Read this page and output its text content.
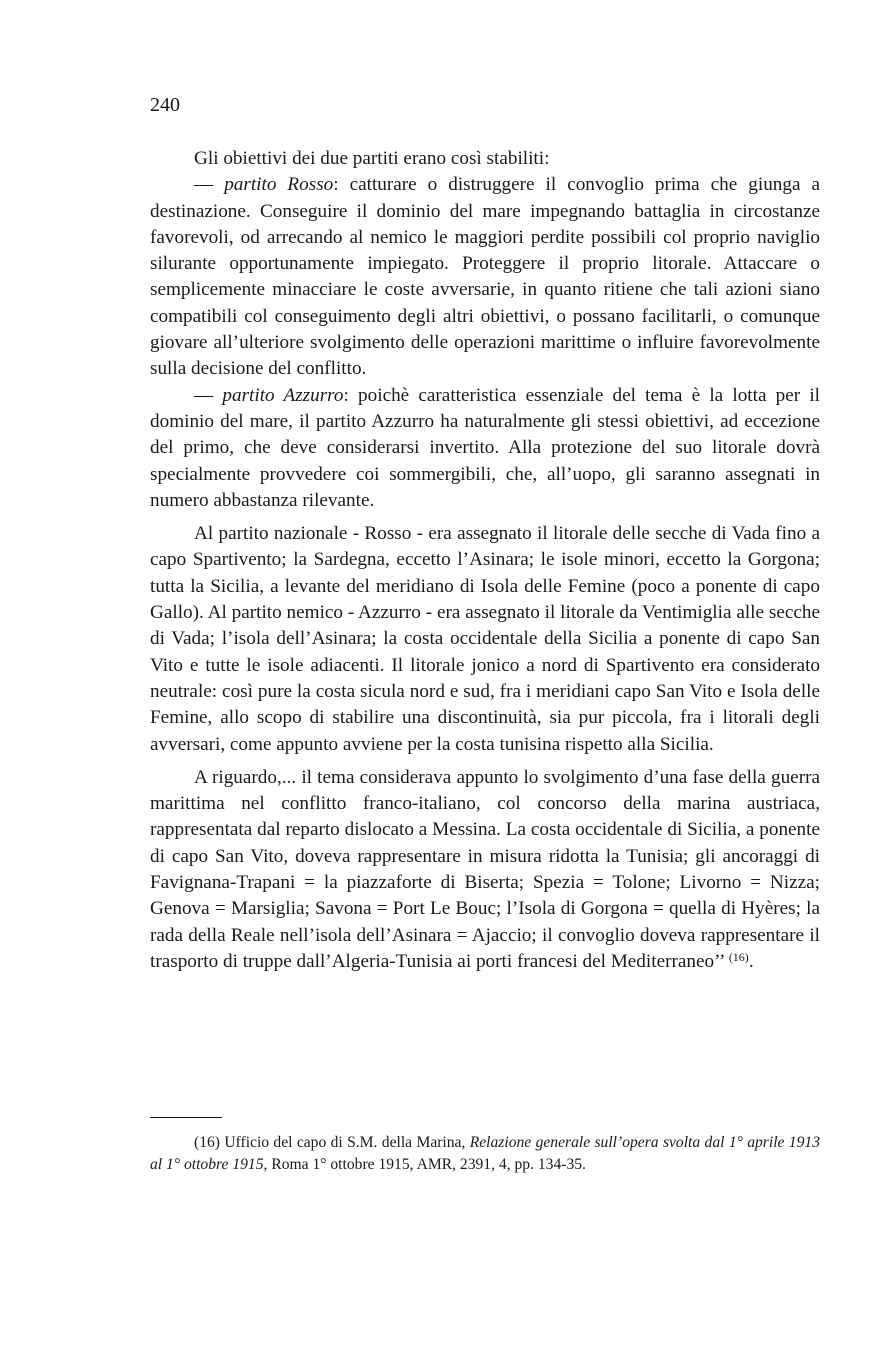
240

Gli obiettivi dei due partiti erano così stabiliti:

— partito Rosso: catturare o distruggere il convoglio prima che giunga a destinazione. Conseguire il dominio del mare impegnando battaglia in circostanze favorevoli, od arrecando al nemico le maggiori perdite possibili col proprio naviglio silurante opportunamente impiegato. Proteggere il proprio litorale. Attaccare o semplicemente minacciare le coste avversarie, in quanto ritiene che tali azioni siano compatibili col conseguimento degli altri obiettivi, o possano facilitarli, o comunque giovare all’ulteriore svolgimento delle operazioni marittime o influire favorevolmente sulla decisione del conflitto.

— partito Azzurro: poichè caratteristica essenziale del tema è la lotta per il dominio del mare, il partito Azzurro ha naturalmente gli stessi obiettivi, ad eccezione del primo, che deve considerarsi invertito. Alla protezione del suo litorale dovrà specialmente provvedere coi sommergibili, che, all’uopo, gli saranno assegnati in numero abbastanza rilevante.

Al partito nazionale - Rosso - era assegnato il litorale delle secche di Vada fino a capo Spartivento; la Sardegna, eccetto l’Asinara; le isole minori, eccetto la Gorgona; tutta la Sicilia, a levante del meridiano di Isola delle Femine (poco a ponente di capo Gallo). Al partito nemico - Azzurro - era assegnato il litorale da Ventimiglia alle secche di Vada; l’isola dell’Asinara; la costa occidentale della Sicilia a ponente di capo San Vito e tutte le isole adiacenti. Il litorale jonico a nord di Spartivento era considerato neutrale: così pure la costa sicula nord e sud, fra i meridiani capo San Vito e Isola delle Femine, allo scopo di stabilire una discontinuità, sia pur piccola, fra i litorali degli avversari, come appunto avviene per la costa tunisina rispetto alla Sicilia.

A riguardo,... il tema considerava appunto lo svolgimento d’una fase della guerra marittima nel conflitto franco-italiano, col concorso della marina austriaca, rappresentata dal reparto dislocato a Messina. La costa occidentale di Sicilia, a ponente di capo San Vito, doveva rappresentare in misura ridotta la Tunisia; gli ancoraggi di Favignana-Trapani = la piazzaforte di Biserta; Spezia = Tolone; Livorno = Nizza; Genova = Marsiglia; Savona = Port Le Bouc; l’Isola di Gorgona = quella di Hyères; la rada della Reale nell’isola dell’Asinara = Ajaccio; il convoglio doveva rappresentare il trasporto di truppe dall’Algeria-Tunisia ai porti francesi del Mediterraneo’’ $^{(16)}$.

(16) Ufficio del capo di S.M. della Marina, Relazione generale sull’opera svolta dal 1° aprile 1913 al 1° ottobre 1915, Roma 1° ottobre 1915, AMR, 2391, 4, pp. 134-35.
